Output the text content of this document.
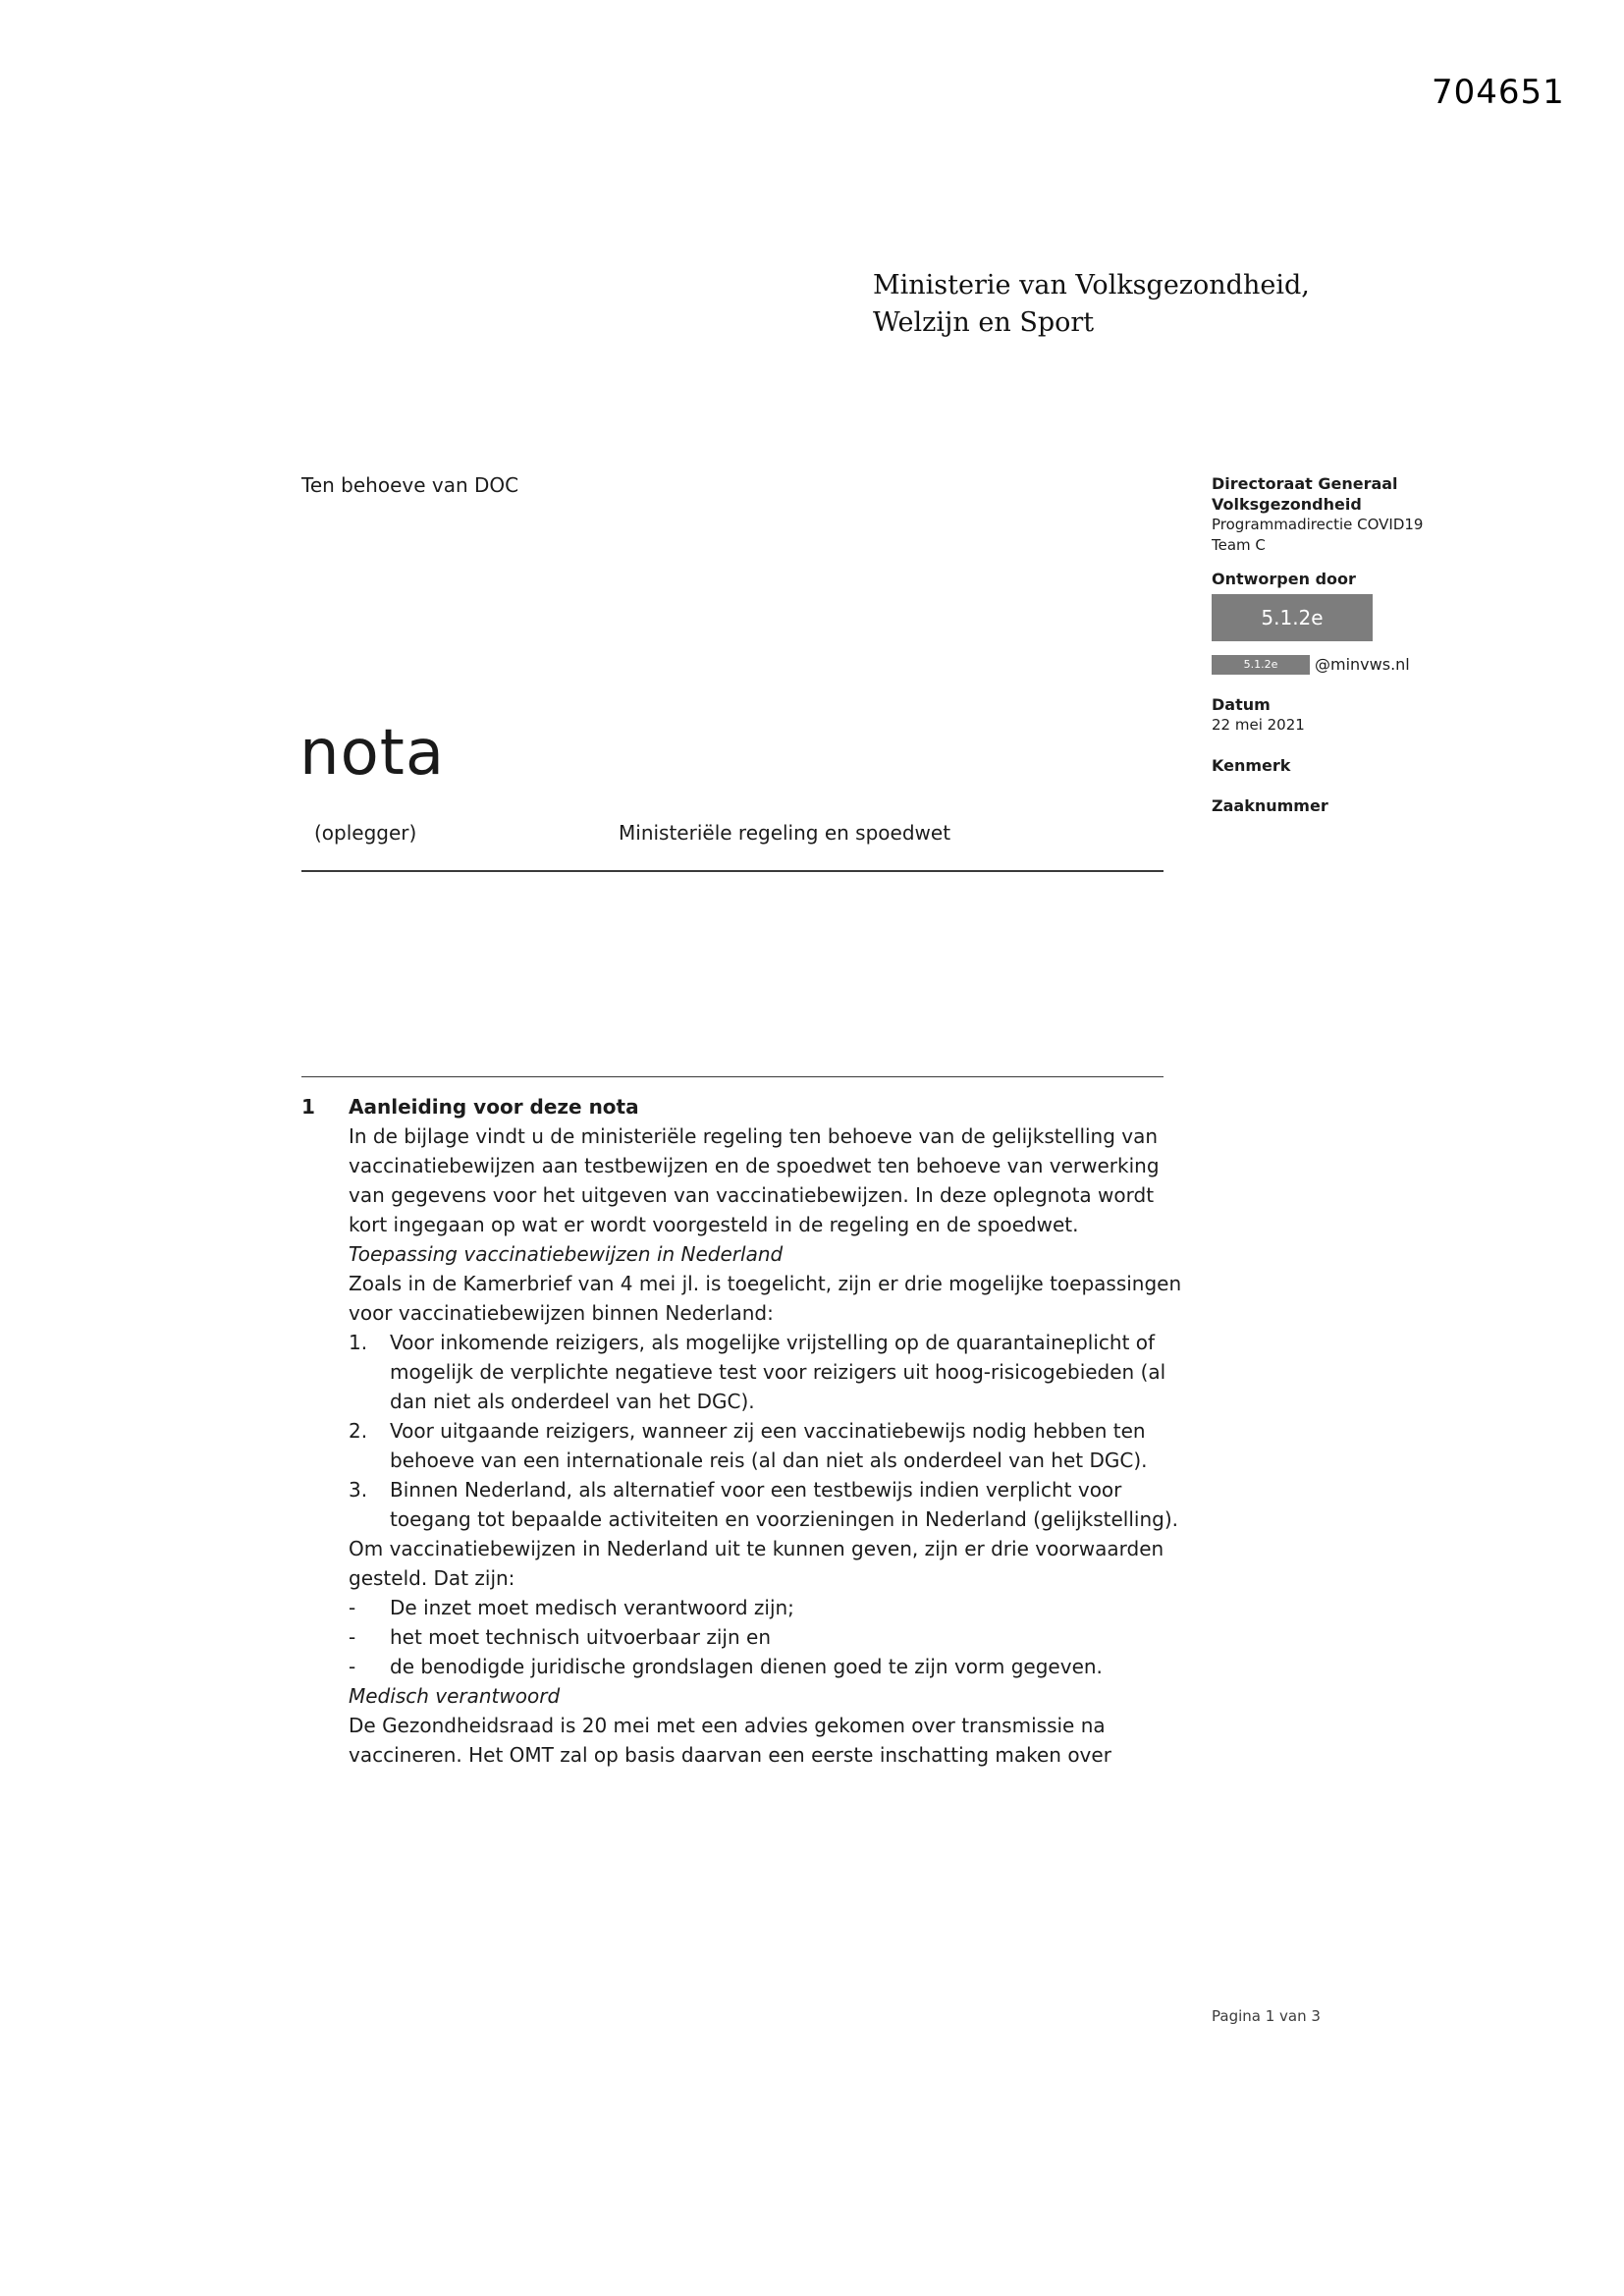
704651
Ministerie van Volksgezondheid,
Welzijn en Sport
Ten behoeve van DOC	Directoraat Generaal
Volksgezondheid
Programmadirectie COVID19
Team C
Ontworpen door
5.1.2e
5.1.2e	@minvws.nl
Datum
22 mei 2021
Kenmerk
Zaaknummer
nota
(oplegger)	Ministeriële regeling en spoedwet
1	Aanleiding voor deze nota

In de bijlage vindt u de ministeriële regeling ten behoeve van de gelijkstelling van vaccinatiebewijzen aan testbewijzen en de spoedwet ten behoeve van verwerking van gegevens voor het uitgeven van vaccinatiebewijzen. In deze oplegnota wordt kort ingegaan op wat er wordt voorgesteld in de regeling en de spoedwet.

Toepassing vaccinatiebewijzen in Nederland

Zoals in de Kamerbrief van 4 mei jl. is toegelicht, zijn er drie mogelijke toepassingen voor vaccinatiebewijzen binnen Nederland:

1.	Voor inkomende reizigers, als mogelijke vrijstelling op de quarantaineplicht of mogelijk de verplichte negatieve test voor reizigers uit hoog-risicogebieden (al dan niet als onderdeel van het DGC).
2.	Voor uitgaande reizigers, wanneer zij een vaccinatiebewijs nodig hebben ten behoeve van een internationale reis (al dan niet als onderdeel van het DGC).
3.	Binnen Nederland, als alternatief voor een testbewijs indien verplicht voor toegang tot bepaalde activiteiten en voorzieningen in Nederland (gelijkstelling).

Om vaccinatiebewijzen in Nederland uit te kunnen geven, zijn er drie voorwaarden gesteld. Dat zijn:

-	De inzet moet medisch verantwoord zijn;
-	het moet technisch uitvoerbaar zijn en
-	de benodigde juridische grondslagen dienen goed te zijn vorm gegeven.

Medisch verantwoord

De Gezondheidsraad is 20 mei met een advies gekomen over transmissie na vaccineren. Het OMT zal op basis daarvan een eerste inschatting maken over

Pagina 1 van 3
